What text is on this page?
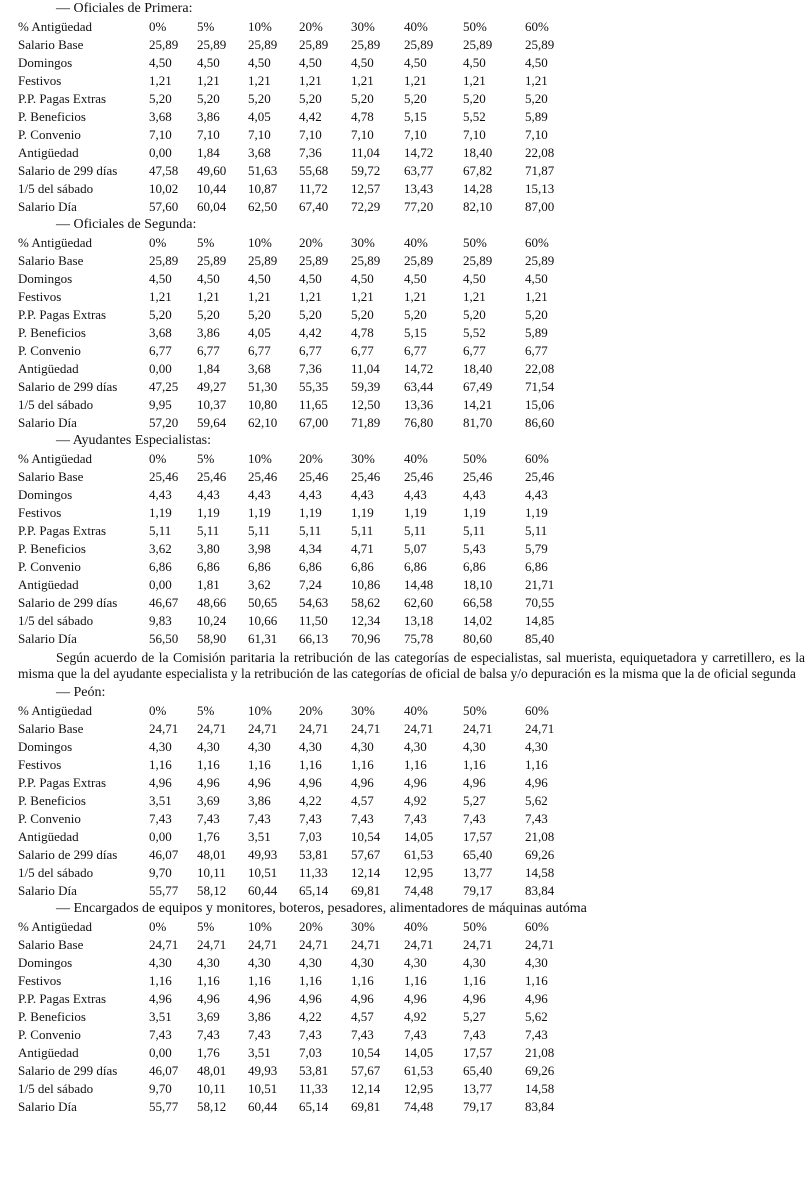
— Oficiales de Primera:
% Antigüedad	0% 5%	10% 20% 30% 40%	50%	60%
Salario Base	25,89 25,89 25,89 25,89 25,89 25,89 25,89	25,89
Domingos	4,50 4,50 4,50 4,50 4,50 4,50	4,50	4,50
Festivos	1,21 1,21 1,21 1,21 1,21 1,21	1,21	1,21
P.P. Pagas Extras	5,20 5,20 5,20 5,20 5,20 5,20	5,20	5,20
P. Beneficios	3,68 3,86 4,05 4,42 4,78 5,15	5,52	5,89
P. Convenio	7,10 7,10 7,10 7,10 7,10 7,10	7,10	7,10
Antigüedad	0,00 1,84 3,68 7,36 11,04 14,72 18,40	22,08
Salario de 299 días 47,58 49,60 51,63 55,68 59,72 63,77 67,82	71,87
1/5 del sábado	10,02 10,44 10,87 11,72 12,57 13,43 14,28	15,13
Salario Día	57,60 60,04 62,50 67,40 72,29 77,20 82,10	87,00
— Oficiales de Segunda:
% Antigüedad	0% 5%	10% 20% 30% 40%	50%	60%
Salario Base	25,89 25,89 25,89 25,89 25,89 25,89 25,89	25,89
Domingos	4,50 4,50 4,50 4,50 4,50 4,50	4,50	4,50
Festivos	1,21 1,21 1,21 1,21 1,21 1,21	1,21	1,21
P.P. Pagas Extras	5,20 5,20 5,20 5,20 5,20 5,20	5,20	5,20
P. Beneficios	3,68 3,86 4,05 4,42 4,78 5,15	5,52	5,89
P. Convenio	6,77 6,77 6,77 6,77 6,77 6,77	6,77	6,77
Antigüedad	0,00 1,84 3,68 7,36 11,04 14,72 18,40	22,08
Salario de 299 días 47,25 49,27 51,30 55,35 59,39 63,44 67,49	71,54
1/5 del sábado	9,95 10,37 10,80 11,65 12,50 13,36 14,21	15,06
Salario Día	57,20 59,64 62,10 67,00 71,89 76,80 81,70	86,60
— Ayudantes Especialistas:
% Antigüedad	0% 5%	10% 20% 30% 40%	50%	60%
Salario Base	25,46 25,46 25,46 25,46 25,46 25,46 25,46	25,46
Domingos	4,43 4,43 4,43 4,43 4,43 4,43	4,43	4,43
Festivos	1,19 1,19 1,19 1,19 1,19 1,19	1,19	1,19
P.P. Pagas Extras	5,11 5,11 5,11 5,11 5,11 5,11	5,11	5,11
P. Beneficios	3,62 3,80 3,98 4,34 4,71 5,07	5,43	5,79
P. Convenio	6,86 6,86 6,86 6,86 6,86 6,86	6,86	6,86
Antigüedad	0,00 1,81 3,62 7,24 10,86 14,48 18,10	21,71
Salario de 299 días 46,67 48,66 50,65 54,63 58,62 62,60 66,58	70,55
1/5 del sábado	9,83 10,24 10,66 11,50 12,34 13,18 14,02	14,85
Salario Día	56,50 58,90 61,31 66,13 70,96 75,78 80,60	85,40

Según acuerdo de la Comisión paritaria la retribución de las categorías de especialistas, sal muerista, equiquetadora y carretillero, es la misma que la del ayudante especialista y la retribución de las categorías de oficial de balsa y/o depuración es la misma que la de oficial segunda

— Peón:
% Antigüedad	0% 5%	10% 20% 30% 40%	50%	60%
Salario Base	24,71 24,71 24,71 24,71 24,71 24,71 24,71	24,71
Domingos	4,30 4,30 4,30 4,30 4,30 4,30	4,30	4,30
Festivos	1,16 1,16 1,16 1,16 1,16 1,16	1,16	1,16
P.P. Pagas Extras	4,96 4,96 4,96 4,96 4,96 4,96	4,96	4,96
P. Beneficios	3,51 3,69 3,86 4,22 4,57 4,92	5,27	5,62
P. Convenio	7,43 7,43 7,43 7,43 7,43 7,43	7,43	7,43
Antigüedad	0,00 1,76 3,51 7,03 10,54 14,05 17,57	21,08
Salario de 299 días 46,07 48,01 49,93 53,81 57,67 61,53 65,40	69,26
1/5 del sábado	9,70 10,11 10,51 11,33 12,14 12,95 13,77	14,58
Salario Día	55,77 58,12 60,44 65,14 69,81 74,48 79,17	83,84
— Encargados de equipos y monitores, boteros, pesadores, alimentadores de máquinas autóma
% Antigüedad	0% 5%	10% 20% 30% 40%	50%	60%
Salario Base	24,71 24,71 24,71 24,71 24,71 24,71 24,71	24,71
Domingos	4,30 4,30 4,30 4,30 4,30 4,30	4,30	4,30
Festivos	1,16 1,16 1,16 1,16 1,16 1,16	1,16	1,16
P.P. Pagas Extras	4,96 4,96 4,96 4,96 4,96 4,96	4,96	4,96
P. Beneficios	3,51 3,69 3,86 4,22 4,57 4,92	5,27	5,62
P. Convenio	7,43 7,43 7,43 7,43 7,43 7,43	7,43	7,43
Antigüedad	0,00 1,76 3,51 7,03 10,54 14,05 17,57	21,08
Salario de 299 días 46,07 48,01 49,93 53,81 57,67 61,53 65,40	69,26
1/5 del sábado	9,70 10,11 10,51 11,33 12,14 12,95 13,77	14,58
Salario Día	55,77 58,12 60,44 65,14 69,81 74,48 79,17	83,84
